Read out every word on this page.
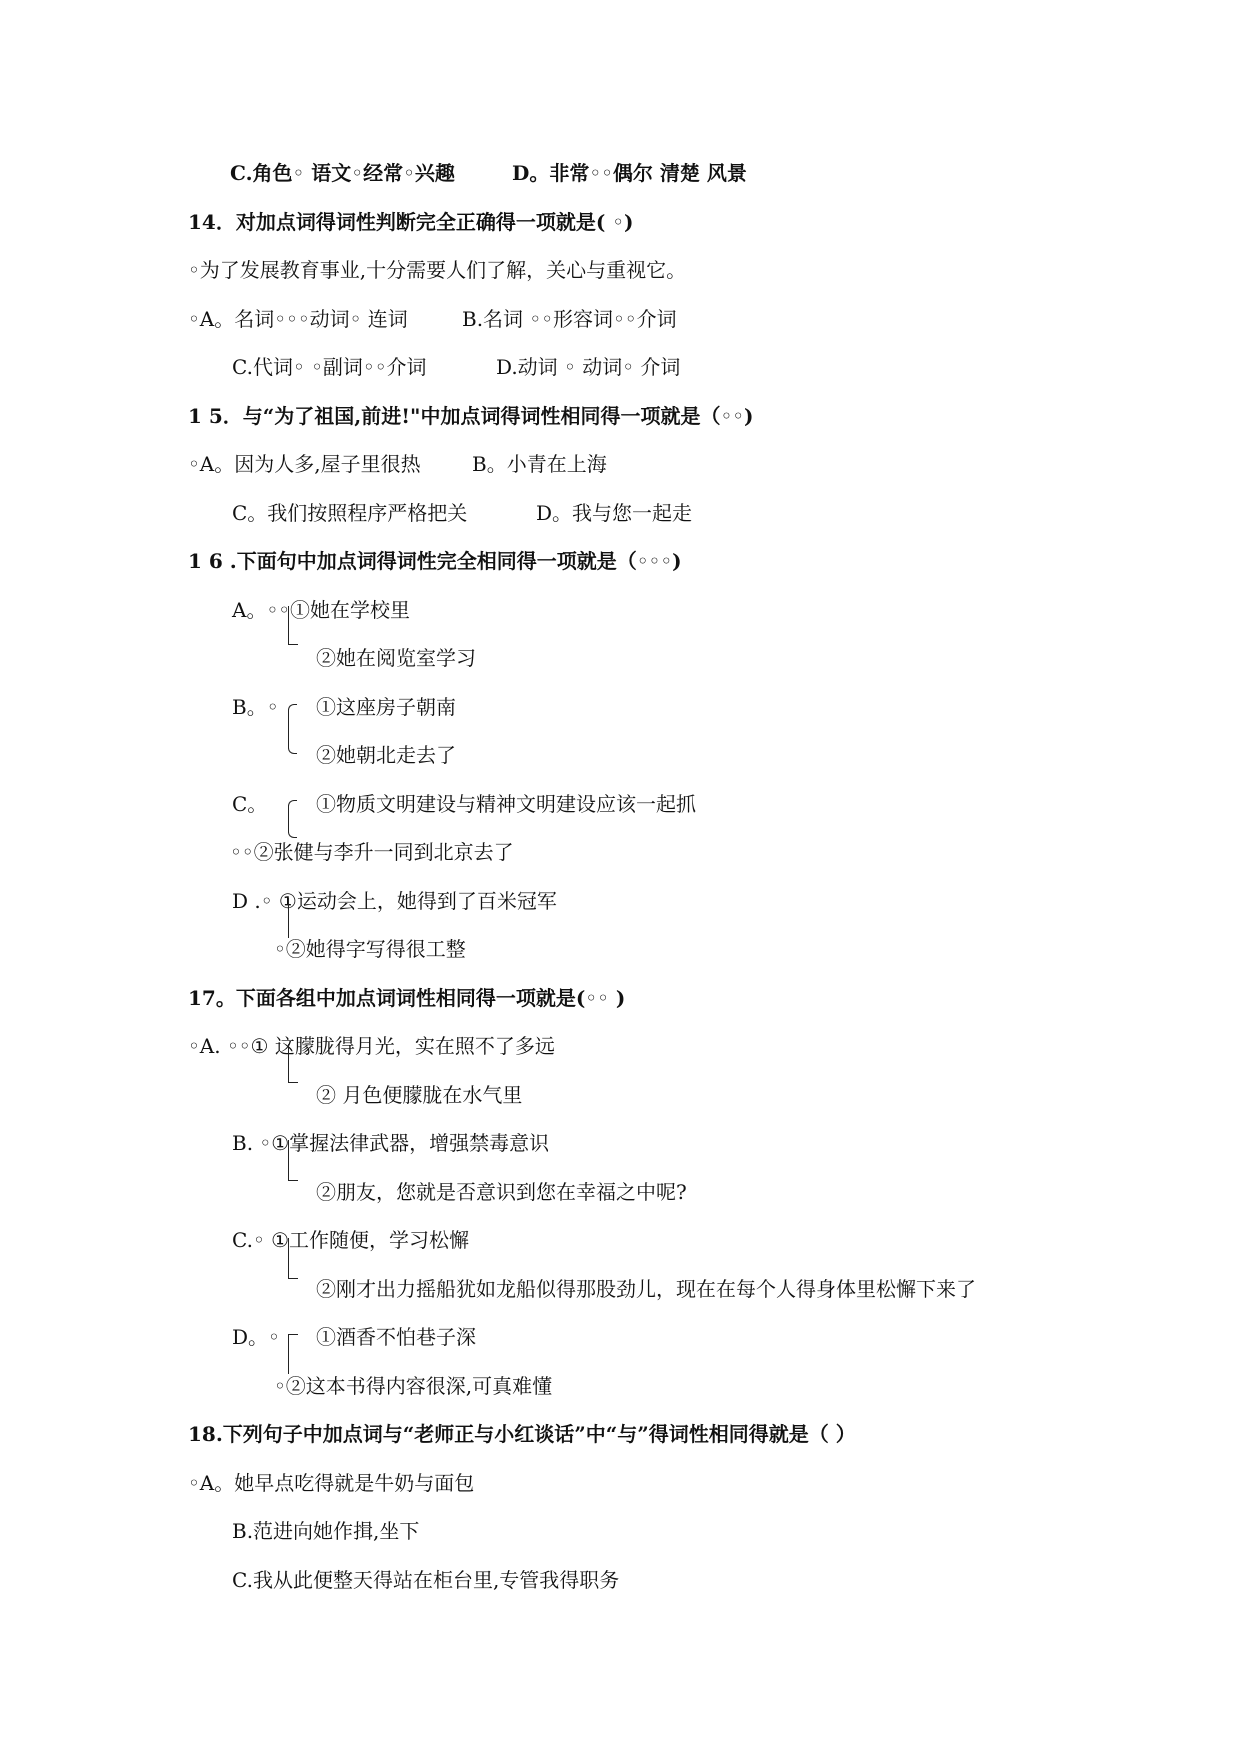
C.角色◦ 语文◦经常◦兴趣	D。非常◦◦偶尔 清楚 风景
14．对加点词得词性判断完全正确得一项就是( ◦)
◦为了发展教育事业,十分需要人们了解，关心与重视它。
◦A。名词◦◦◦动词◦ 连词	B.名词 ◦◦形容词◦◦介词
C.代词◦ ◦副词◦◦介词	D.动词 ◦ 动词◦ 介词
1 5．与“为了祖国,前进!"中加点词得词性相同得一项就是（◦◦)
◦A。因为人多,屋子里很热	B。小青在上海
C。我们按照程序严格把关	D。我与您一起走
1 6 .下面句中加点词得词性完全相同得一项就是（◦◦◦)
A。◦◦①她在学校里
②她在阅览室学习
B。◦ ①这座房子朝南
②她朝北走去了
C。 ①物质文明建设与精神文明建设应该一起抓
◦◦②张健与李升一同到北京去了
D .◦ ①运动会上，她得到了百米冠军
◦②她得字写得很工整
17。下面各组中加点词词性相同得一项就是(◦◦ )
◦A. ◦◦① 这朦胧得月光，实在照不了多远
② 月色便朦胧在水气里
B. ◦①掌握法律武器，增强禁毒意识
②朋友，您就是否意识到您在幸福之中呢?
C.◦ ①工作随便，学习松懈
②刚才出力摇船犹如龙船似得那股劲儿，现在在每个人得身体里松懈下来了
D。◦ ①酒香不怕巷子深
◦②这本书得内容很深,可真难懂
18.下列句子中加点词与“老师正与小红谈话”中“与”得词性相同得就是（ ）
◦A。她早点吃得就是牛奶与面包
B.范进向她作揖,坐下
C.我从此便整天得站在柜台里,专管我得职务
